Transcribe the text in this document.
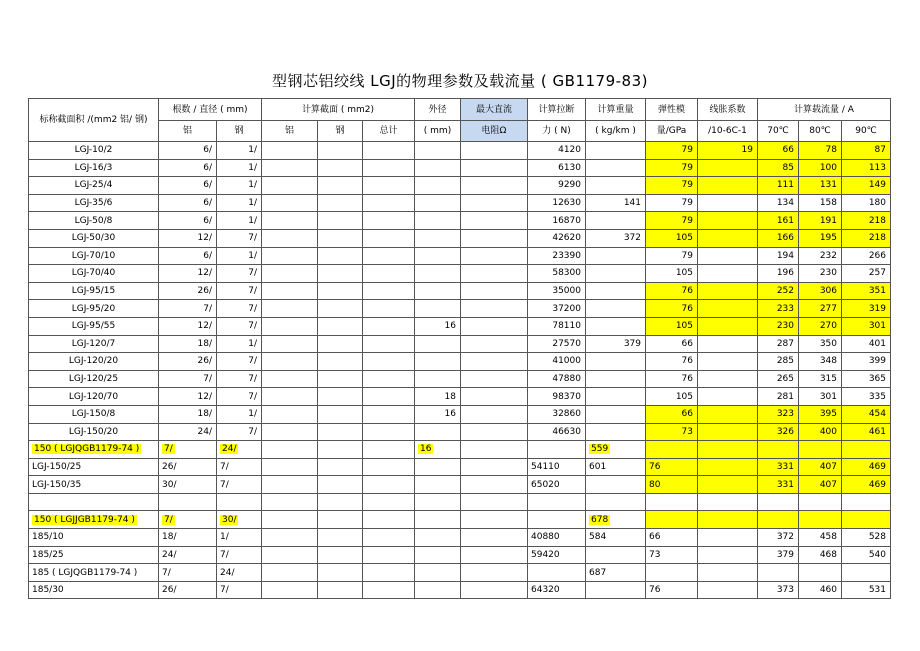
型钢芯铝绞线 LGJ的物理参数及载流量 ( GB1179-83)
标称截面积 /(mm2 铝/ 钢)	根数 / 直径 ( mm)		计算截面 ( mm2)			外径	最大直流	计算拉断	计算重量	弹性模	线胀系数	计算载流量 / A		
	铝	钢	铝	钢	总计	( mm)	电阻Ω	力 ( N)	( kg/km )	量/GPa	/10-6C-1	70℃	80℃	90℃
LGJ-10/2	6/	1/						4120		79	19	66	78	87
LGJ-16/3	6/	1/						6130		79		85	100	113
LGJ-25/4	6/	1/						9290		79		111	131	149
LGJ-35/6	6/	1/						12630	141	79		134	158	180
LGJ-50/8	6/	1/						16870		79		161	191	218
LGJ-50/30	12/	7/						42620	372	105		166	195	218
LGJ-70/10	6/	1/						23390		79		194	232	266
LGJ-70/40	12/	7/						58300		105		196	230	257
LGJ-95/15	26/	7/						35000		76		252	306	351
LGJ-95/20	7/	7/						37200		76		233	277	319
LGJ-95/55	12/	7/				16		78110		105		230	270	301
LGJ-120/7	18/	1/						27570	379	66		287	350	401
LGJ-120/20	26/	7/						41000		76		285	348	399
LGJ-120/25	7/	7/						47880		76		265	315	365
LGJ-120/70	12/	7/				18		98370		105		281	301	335
LGJ-150/8	18/	1/				16		32860		66		323	395	454
LGJ-150/20	24/	7/						46630		73		326	400	461
150 ( LGJQGB1179-74 )	7/	24/				16			559					
LGJ-150/25	26/	7/						54110	601	76		331	407	469
LGJ-150/35	30/	7/						65020		80		331	407	469

150 ( LGJJGB1179-74 )	7/	30/							678					
185/10	18/	1/						40880	584	66		372	458	528
185/25	24/	7/						59420		73		379	468	540
185 ( LGJQGB1179-74 )	7/	24/							687					
185/30	26/	7/						64320		76		373	460	531
